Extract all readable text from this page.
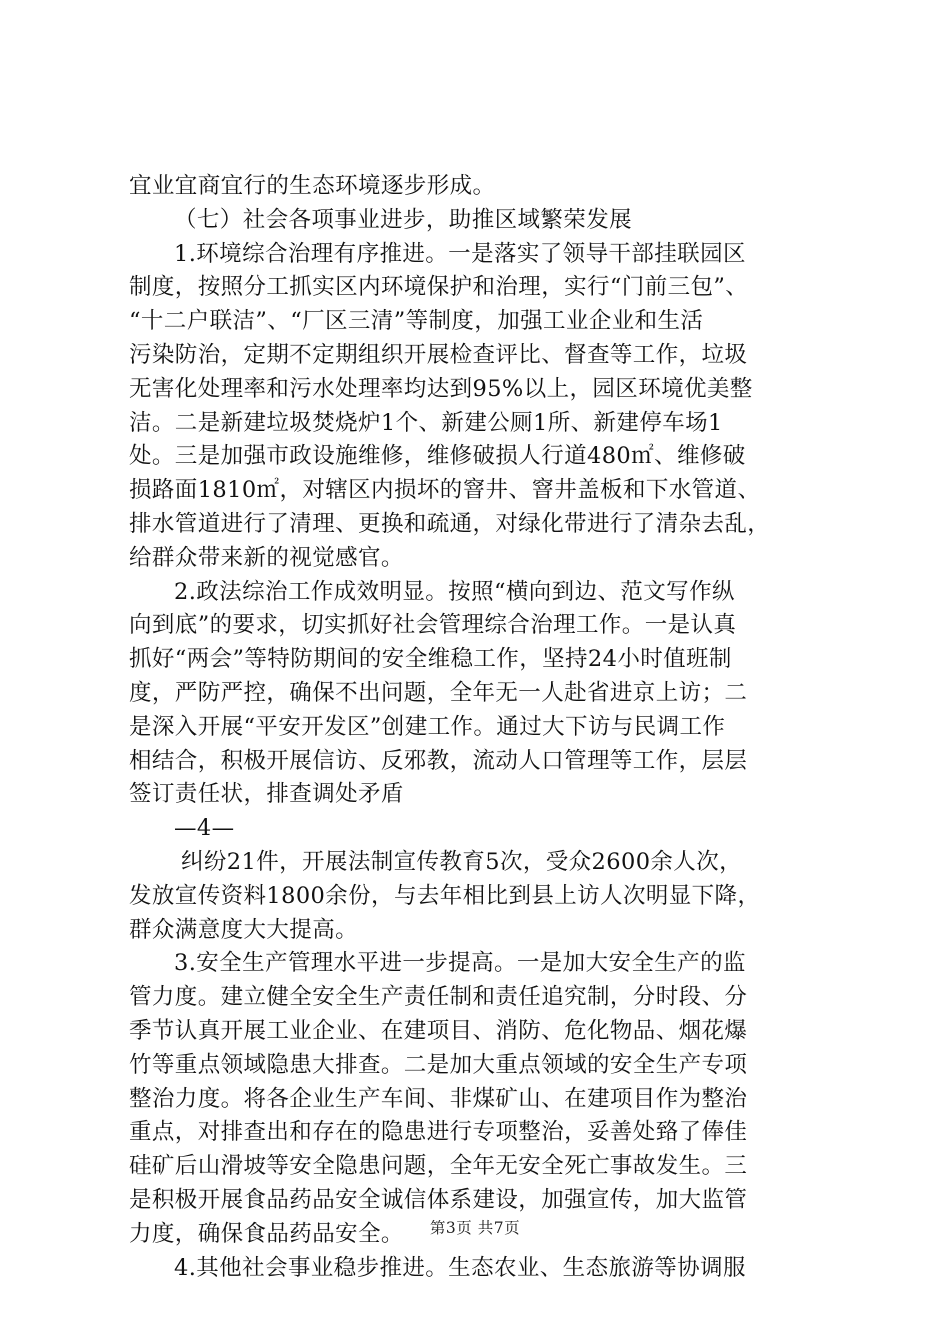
宜业宜商宜行的生态环境逐步形成。
（七）社会各项事业进步，助推区域繁荣发展
1.环境综合治理有序推进。一是落实了领导干部挂联园区
制度，按照分工抓实区内环境保护和治理，实行“门前三包”、
“十二户联洁”、“厂区三清”等制度，加强工业企业和生活
污染防治，定期不定期组织开展检查评比、督查等工作，垃圾
无害化处理率和污水处理率均达到95%以上，园区环境优美整
洁。二是新建垃圾焚烧炉1个、新建公厕1所、新建停车场1
处。三是加强市政设施维修，维修破损人行道480㎡、维修破
损路面1810㎡，对辖区内损坏的窨井、窨井盖板和下水管道、
排水管道进行了清理、更换和疏通，对绿化带进行了清杂去乱，
给群众带来新的视觉感官。
2.政法综治工作成效明显。按照“横向到边、范文写作纵
向到底”的要求，切实抓好社会管理综合治理工作。一是认真
抓好“两会”等特防期间的安全维稳工作，坚持24小时值班制
度，严防严控，确保不出问题，全年无一人赴省进京上访；二
是深入开展“平安开发区”创建工作。通过大下访与民调工作
相结合，积极开展信访、反邪教，流动人口管理等工作，层层
签订责任状，排查调处矛盾
—4—
纠纷21件，开展法制宣传教育5次，受众2600余人次，
发放宣传资料1800余份，与去年相比到县上访人次明显下降，
群众满意度大大提高。
3.安全生产管理水平进一步提高。一是加大安全生产的监
管力度。建立健全安全生产责任制和责任追究制，分时段、分
季节认真开展工业企业、在建项目、消防、危化物品、烟花爆
竹等重点领域隐患大排查。二是加大重点领域的安全生产专项
整治力度。将各企业生产车间、非煤矿山、在建项目作为整治
重点，对排查出和存在的隐患进行专项整治，妥善处臵了俸佳
硅矿后山滑坡等安全隐患问题，全年无安全死亡事故发生。三
是积极开展食品药品安全诚信体系建设，加强宣传，加大监管
力度，确保食品药品安全。
4.其他社会事业稳步推进。生态农业、生态旅游等协调服
第3页 共7页
